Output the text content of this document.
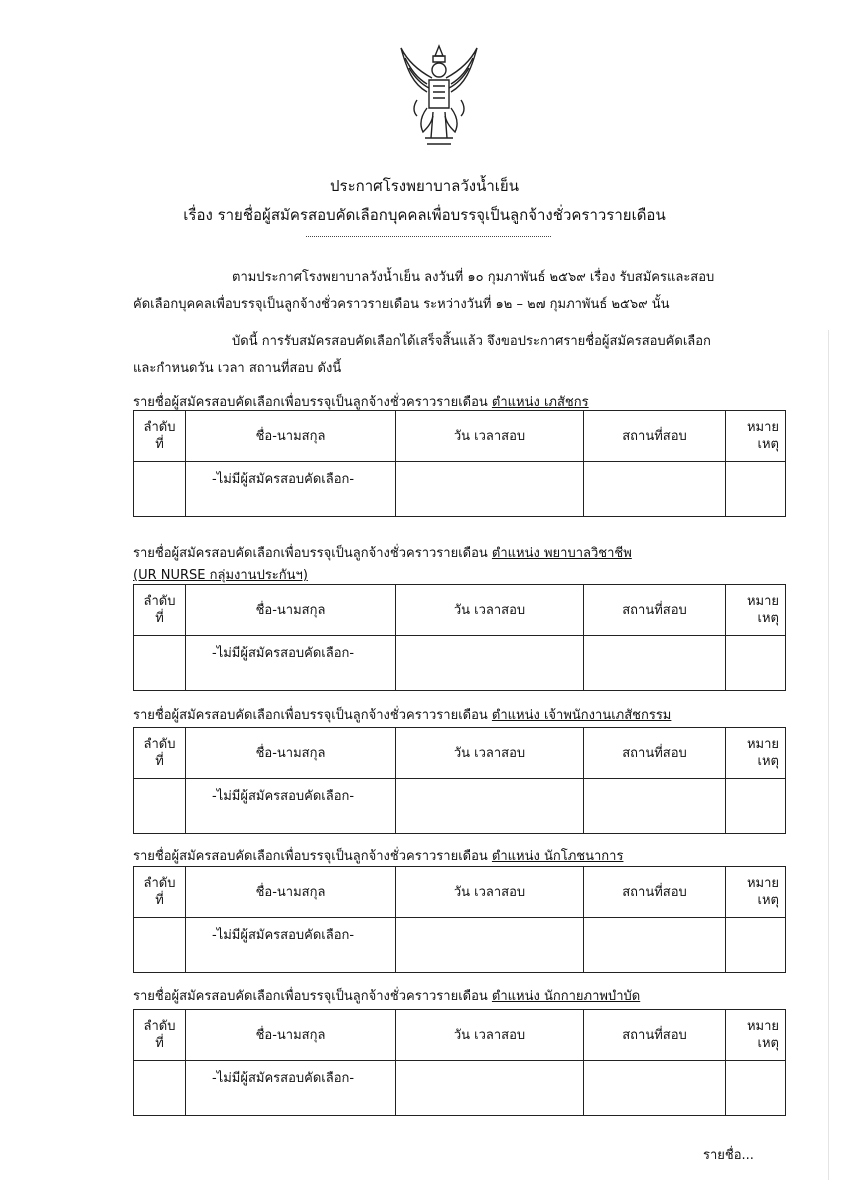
ประกาศโรงพยาบาลวังน้ำเย็น
เรื่อง รายชื่อผู้สมัครสอบคัดเลือกบุคคลเพื่อบรรจุเป็นลูกจ้างชั่วคราวรายเดือน
ตามประกาศโรงพยาบาลวังน้ำเย็น ลงวันที่ ๑๐ กุมภาพันธ์ ๒๕๖๙ เรื่อง รับสมัครและสอบ
คัดเลือกบุคคลเพื่อบรรจุเป็นลูกจ้างชั่วคราวรายเดือน ระหว่างวันที่ ๑๒ – ๒๗ กุมภาพันธ์ ๒๕๖๙ นั้น
บัดนี้ การรับสมัครสอบคัดเลือกได้เสร็จสิ้นแล้ว จึงขอประกาศรายชื่อผู้สมัครสอบคัดเลือก
และกำหนดวัน เวลา สถานที่สอบ ดังนี้
รายชื่อผู้สมัครสอบคัดเลือกเพื่อบรรจุเป็นลูกจ้างชั่วคราวรายเดือน ตำแหน่ง เภสัชกร
ลำดับ
ที่	ชื่อ-นามสกุล	วัน เวลาสอบ	สถานที่สอบ	หมาย
เหตุ

	-ไม่มีผู้สมัครสอบคัดเลือก-			
รายชื่อผู้สมัครสอบคัดเลือกเพื่อบรรจุเป็นลูกจ้างชั่วคราวรายเดือน ตำแหน่ง พยาบาลวิชาชีพ
(UR NURSE กลุ่มงานประกันฯ)
ลำดับ
ที่	ชื่อ-นามสกุล	วัน เวลาสอบ	สถานที่สอบ	หมาย
เหตุ

	-ไม่มีผู้สมัครสอบคัดเลือก-			
รายชื่อผู้สมัครสอบคัดเลือกเพื่อบรรจุเป็นลูกจ้างชั่วคราวรายเดือน ตำแหน่ง เจ้าพนักงานเภสัชกรรม
ลำดับ
ที่	ชื่อ-นามสกุล	วัน เวลาสอบ	สถานที่สอบ	หมาย
เหตุ

	-ไม่มีผู้สมัครสอบคัดเลือก-			
รายชื่อผู้สมัครสอบคัดเลือกเพื่อบรรจุเป็นลูกจ้างชั่วคราวรายเดือน ตำแหน่ง นักโภชนาการ
ลำดับ
ที่	ชื่อ-นามสกุล	วัน เวลาสอบ	สถานที่สอบ	หมาย
เหตุ

	-ไม่มีผู้สมัครสอบคัดเลือก-			
รายชื่อผู้สมัครสอบคัดเลือกเพื่อบรรจุเป็นลูกจ้างชั่วคราวรายเดือน ตำแหน่ง นักกายภาพบำบัด
ลำดับ
ที่	ชื่อ-นามสกุล	วัน เวลาสอบ	สถานที่สอบ	หมาย
เหตุ

	-ไม่มีผู้สมัครสอบคัดเลือก-			
รายชื่อ...
